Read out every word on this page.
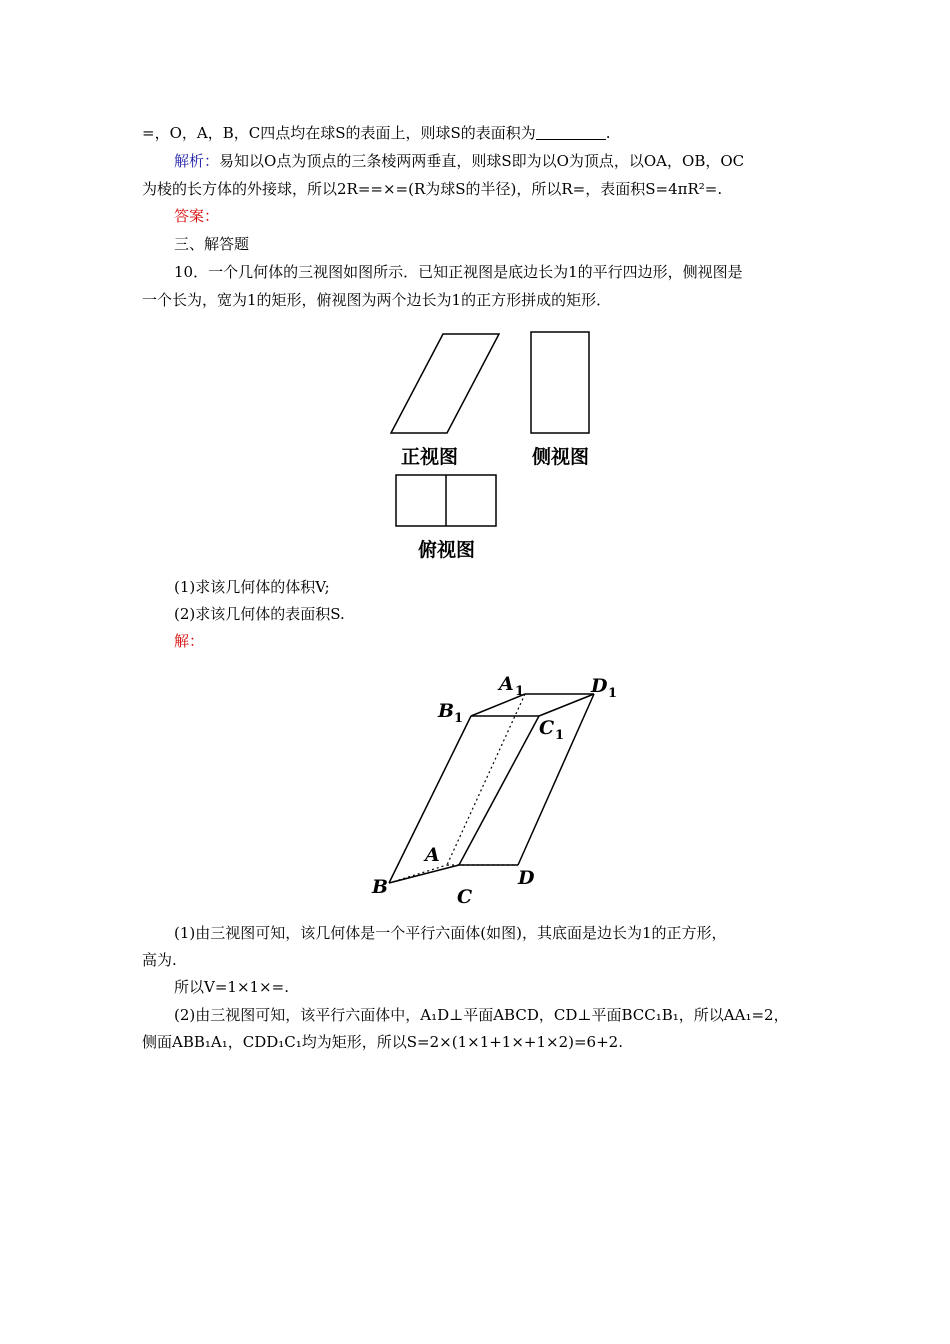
=，O，A，B，C四点均在球S的表面上，则球S的表面积为	.
解析：易知以O点为顶点的三条棱两两垂直，则球S即为以O为顶点，以OA，OB，OC
为棱的长方体的外接球，所以2R==×=(R为球S的半径)，所以R=，表面积S=4πR²=.
答案：
三、解答题
10．一个几何体的三视图如图所示．已知正视图是底边长为1的平行四边形，侧视图是
一个长为，宽为1的矩形，俯视图为两个边长为1的正方形拼成的矩形．
A 1	D 1
B 1	C 1
A
B	C
D
正视图	侧视图
俯视图
(1)求该几何体的体积V;
(2)求该几何体的表面积S.
解：
(1)由三视图可知，该几何体是一个平行六面体(如图)，其底面是边长为1的正方形，
高为.
所以V=1×1×=.
(2)由三视图可知，该平行六面体中，A₁D⊥平面ABCD，CD⊥平面BCC₁B₁，所以AA₁=2，
侧面ABB₁A₁，CDD₁C₁均为矩形，所以S=2×(1×1+1×+1×2)=6+2.
